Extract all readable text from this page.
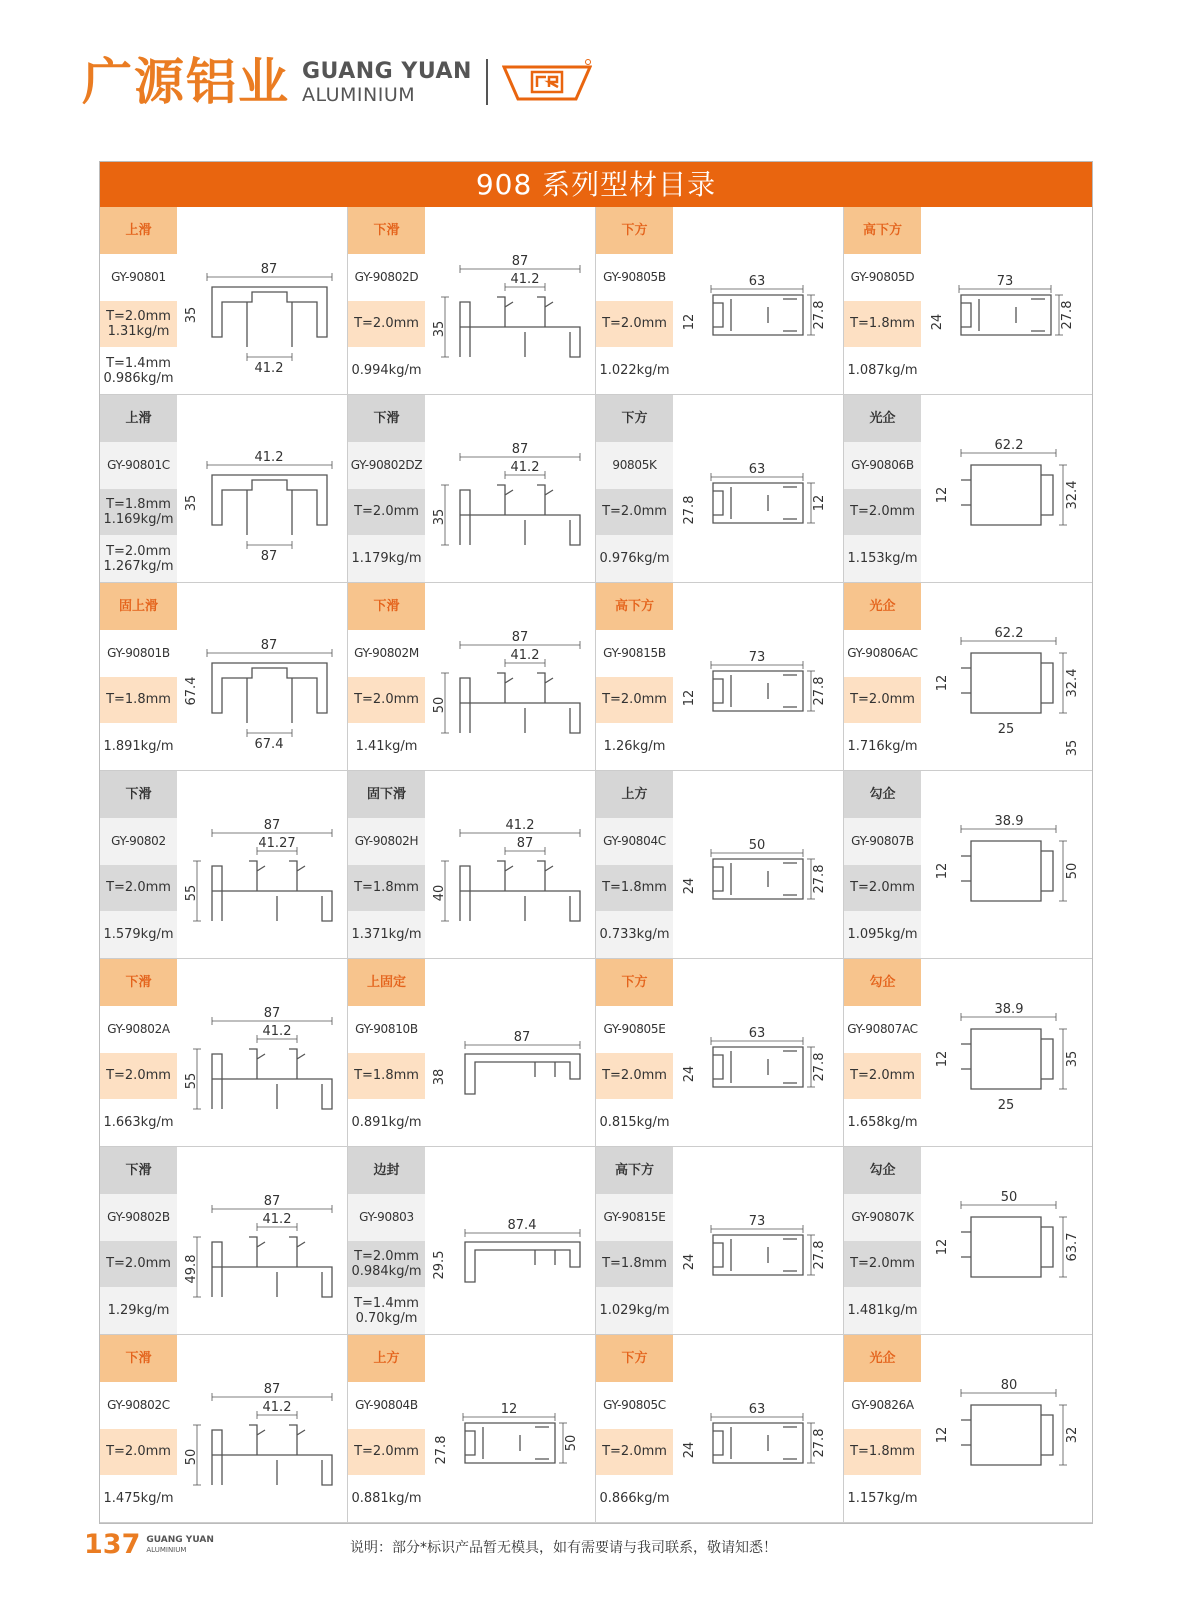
广源铝业 GUANG YUAN
ALUMINIUM
908 系列型材目录
上滑
GY-90801
T=2.0mm
1.31kg/m
T=1.4mm
0.986kg/m
87
35
41.2
下滑
GY-90802D
T=2.0mm
0.994kg/m
87
35
41.2
下方
GY-90805B
T=2.0mm
1.022kg/m
63
12	27.8
高下方
GY-90805D
T=1.8mm
1.087kg/m
73
24	27.8
上滑
GY-90801C
T=1.8mm
1.169kg/m
T=2.0mm
1.267kg/m
41.2
35
87
下滑
GY-90802DZ
T=2.0mm
1.179kg/m
87
35
41.2
下方
90805K
T=2.0mm
0.976kg/m
63
27.8	12
光企
GY-90806B
T=2.0mm
1.153kg/m
62.2
12	32.4
固上滑
GY-90801B
T=1.8mm
1.891kg/m
87
67.4
67.4
下滑
GY-90802M
T=2.0mm
1.41kg/m
87
50
41.2
高下方
GY-90815B
T=2.0mm
1.26kg/m
73
12	27.8
光企
GY-90806AC
T=2.0mm
1.716kg/m
62.2
12	32.4
25
35
下滑
GY-90802
T=2.0mm
1.579kg/m
87
55
41.27
固下滑
GY-90802H
T=1.8mm
1.371kg/m
41.2
40
87
上方
GY-90804C
T=1.8mm
0.733kg/m
50
24	27.8
勾企
GY-90807B
T=2.0mm
1.095kg/m
38.9
12	50
下滑
GY-90802A
T=2.0mm
1.663kg/m
87
55
41.2
上固定
GY-90810B
T=1.8mm
0.891kg/m
87
38
下方
GY-90805E
T=2.0mm
0.815kg/m
63
24	27.8
勾企
GY-90807AC
T=2.0mm
1.658kg/m
38.9
12	35
25
下滑
GY-90802B
T=2.0mm
1.29kg/m
87
49.8
41.2
边封
GY-90803
T=2.0mm
0.984kg/m
T=1.4mm
0.70kg/m
87.4
29.5
高下方
GY-90815E
T=1.8mm
1.029kg/m
73
24	27.8
勾企
GY-90807K
T=2.0mm
1.481kg/m
50
12	63.7
下滑
GY-90802C
T=2.0mm
1.475kg/m
87
50
41.2
上方
GY-90804B
T=2.0mm
0.881kg/m
12
27.8	50
下方
GY-90805C
T=2.0mm
0.866kg/m
63
24	27.8
光企
GY-90826A
T=1.8mm
1.157kg/m
80
12	32
137 GUANG YUAN
ALUMINIUM	说明：部分*标识产品暂无模具，如有需要请与我司联系，敬请知悉！
